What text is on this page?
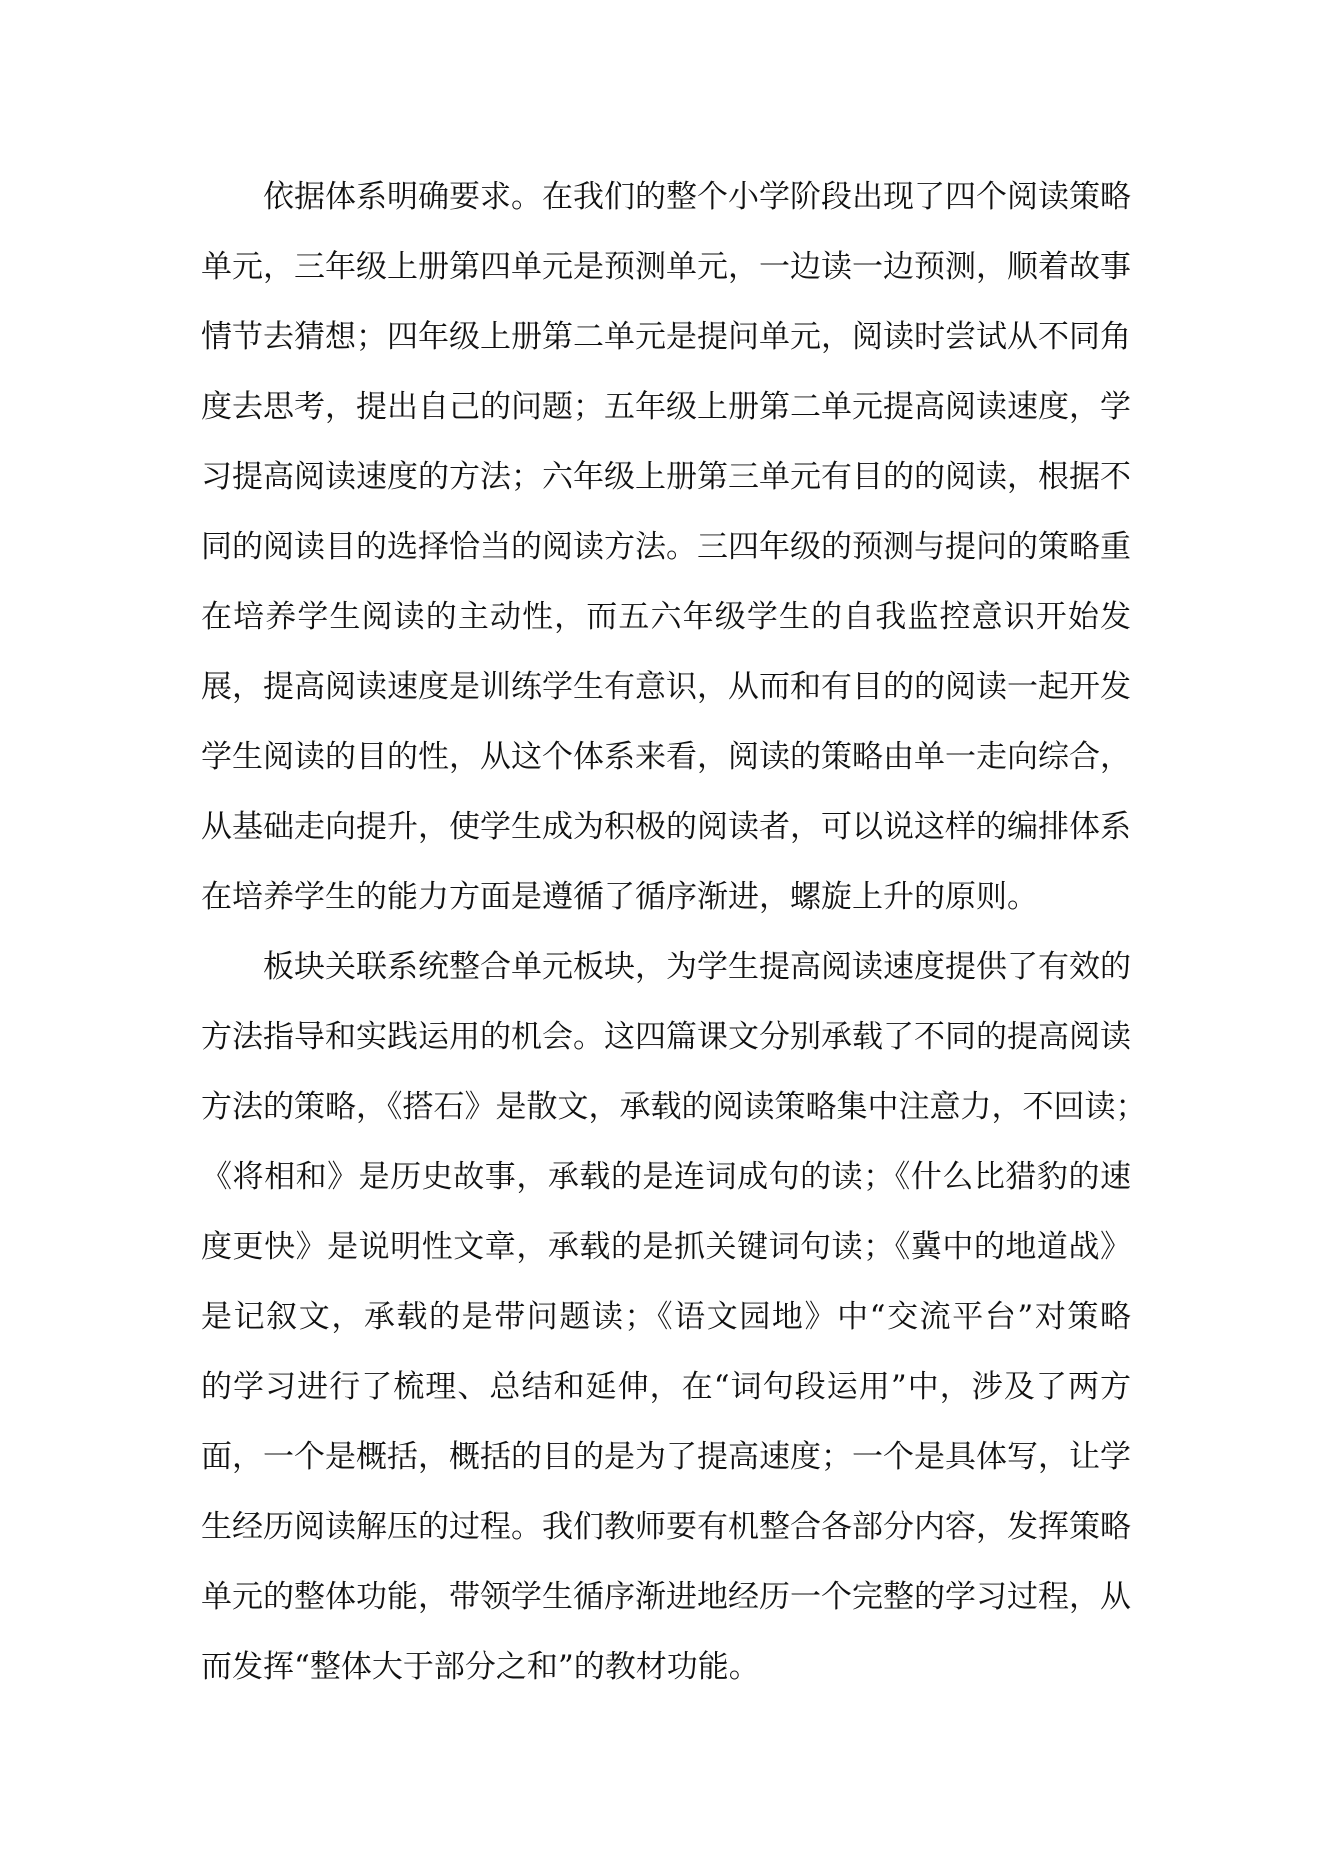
依据体系明确要求。在我们的整个小学阶段出现了四个阅读策略
单元，三年级上册第四单元是预测单元，一边读一边预测，顺着故事
情节去猜想；四年级上册第二单元是提问单元，阅读时尝试从不同角
度去思考，提出自己的问题；五年级上册第二单元提高阅读速度，学
习提高阅读速度的方法；六年级上册第三单元有目的的阅读，根据不
同的阅读目的选择恰当的阅读方法。三四年级的预测与提问的策略重
在培养学生阅读的主动性，而五六年级学生的自我监控意识开始发
展，提高阅读速度是训练学生有意识，从而和有目的的阅读一起开发
学生阅读的目的性，从这个体系来看，阅读的策略由单一走向综合，
从基础走向提升，使学生成为积极的阅读者，可以说这样的编排体系
在培养学生的能力方面是遵循了循序渐进，螺旋上升的原则。
板块关联系统整合单元板块，为学生提高阅读速度提供了有效的
方法指导和实践运用的机会。这四篇课文分别承载了不同的提高阅读
方法的策略，《搭石》是散文，承载的阅读策略集中注意力，不回读；
《将相和》是历史故事，承载的是连词成句的读；《什么比猎豹的速
度更快》是说明性文章，承载的是抓关键词句读；《冀中的地道战》
是记叙文，承载的是带问题读；《语文园地》中“交流平台”对策略
的学习进行了梳理、总结和延伸，在“词句段运用”中，涉及了两方
面，一个是概括，概括的目的是为了提高速度；一个是具体写，让学
生经历阅读解压的过程。我们教师要有机整合各部分内容，发挥策略
单元的整体功能，带领学生循序渐进地经历一个完整的学习过程，从
而发挥“整体大于部分之和”的教材功能。
